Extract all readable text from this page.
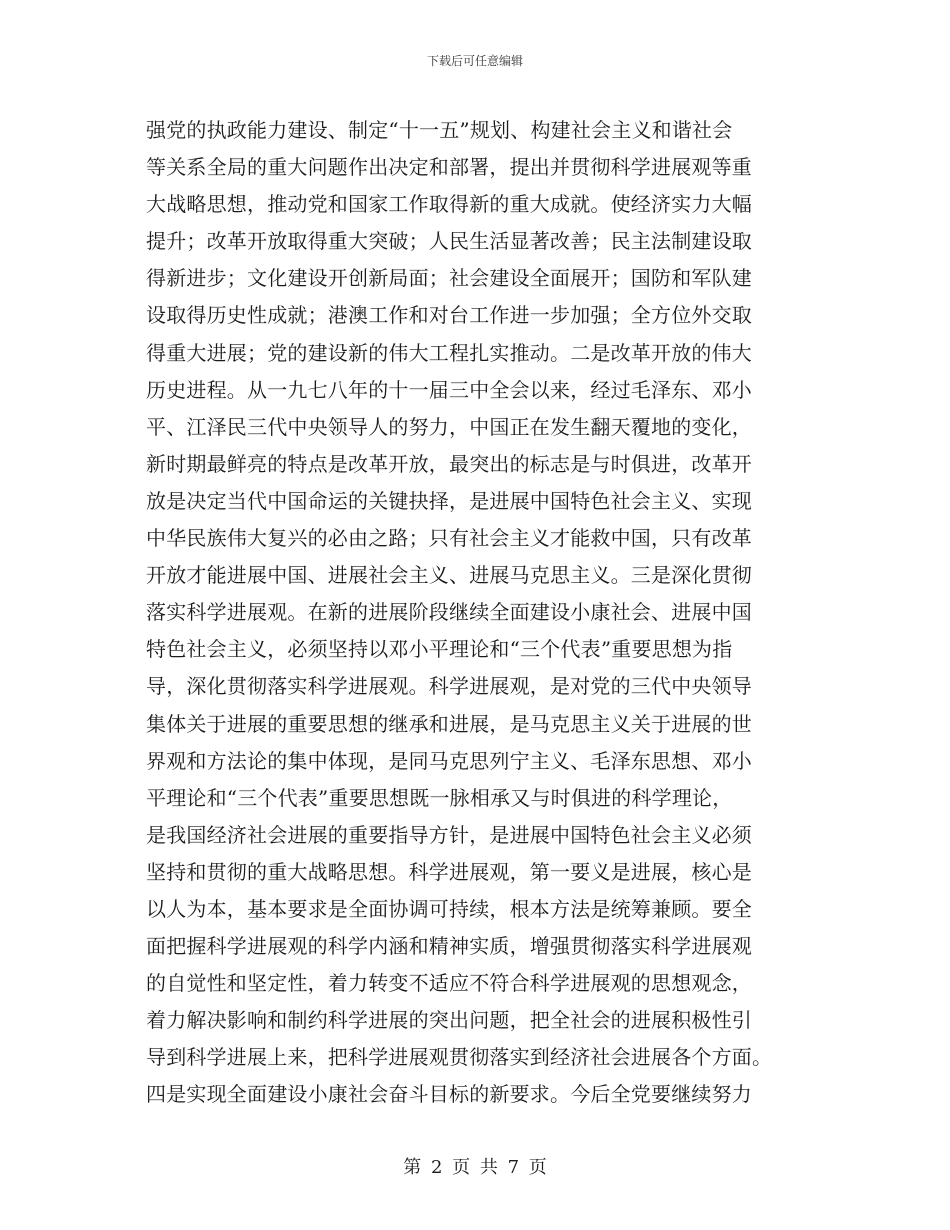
下载后可任意编辑
强党的执政能力建设、制定“十一五”规划、构建社会主义和谐社会
等关系全局的重大问题作出决定和部署，提出并贯彻科学进展观等重
大战略思想，推动党和国家工作取得新的重大成就。使经济实力大幅
提升；改革开放取得重大突破；人民生活显著改善；民主法制建设取
得新进步；文化建设开创新局面；社会建设全面展开；国防和军队建
设取得历史性成就；港澳工作和对台工作进一步加强；全方位外交取
得重大进展；党的建设新的伟大工程扎实推动。二是改革开放的伟大
历史进程。从一九七八年的十一届三中全会以来，经过毛泽东、邓小
平、江泽民三代中央领导人的努力，中国正在发生翻天覆地的变化，
新时期最鲜亮的特点是改革开放，最突出的标志是与时俱进，改革开
放是决定当代中国命运的关键抉择，是进展中国特色社会主义、实现
中华民族伟大复兴的必由之路；只有社会主义才能救中国，只有改革
开放才能进展中国、进展社会主义、进展马克思主义。三是深化贯彻
落实科学进展观。在新的进展阶段继续全面建设小康社会、进展中国
特色社会主义，必须坚持以邓小平理论和“三个代表”重要思想为指
导，深化贯彻落实科学进展观。科学进展观，是对党的三代中央领导
集体关于进展的重要思想的继承和进展，是马克思主义关于进展的世
界观和方法论的集中体现，是同马克思列宁主义、毛泽东思想、邓小
平理论和“三个代表”重要思想既一脉相承又与时俱进的科学理论，
是我国经济社会进展的重要指导方针，是进展中国特色社会主义必须
坚持和贯彻的重大战略思想。科学进展观，第一要义是进展，核心是
以人为本，基本要求是全面协调可持续，根本方法是统筹兼顾。要全
面把握科学进展观的科学内涵和精神实质，增强贯彻落实科学进展观
的自觉性和坚定性，着力转变不适应不符合科学进展观的思想观念，
着力解决影响和制约科学进展的突出问题，把全社会的进展积极性引
导到科学进展上来，把科学进展观贯彻落实到经济社会进展各个方面。
四是实现全面建设小康社会奋斗目标的新要求。今后全党要继续努力
第 2 页 共 7 页
